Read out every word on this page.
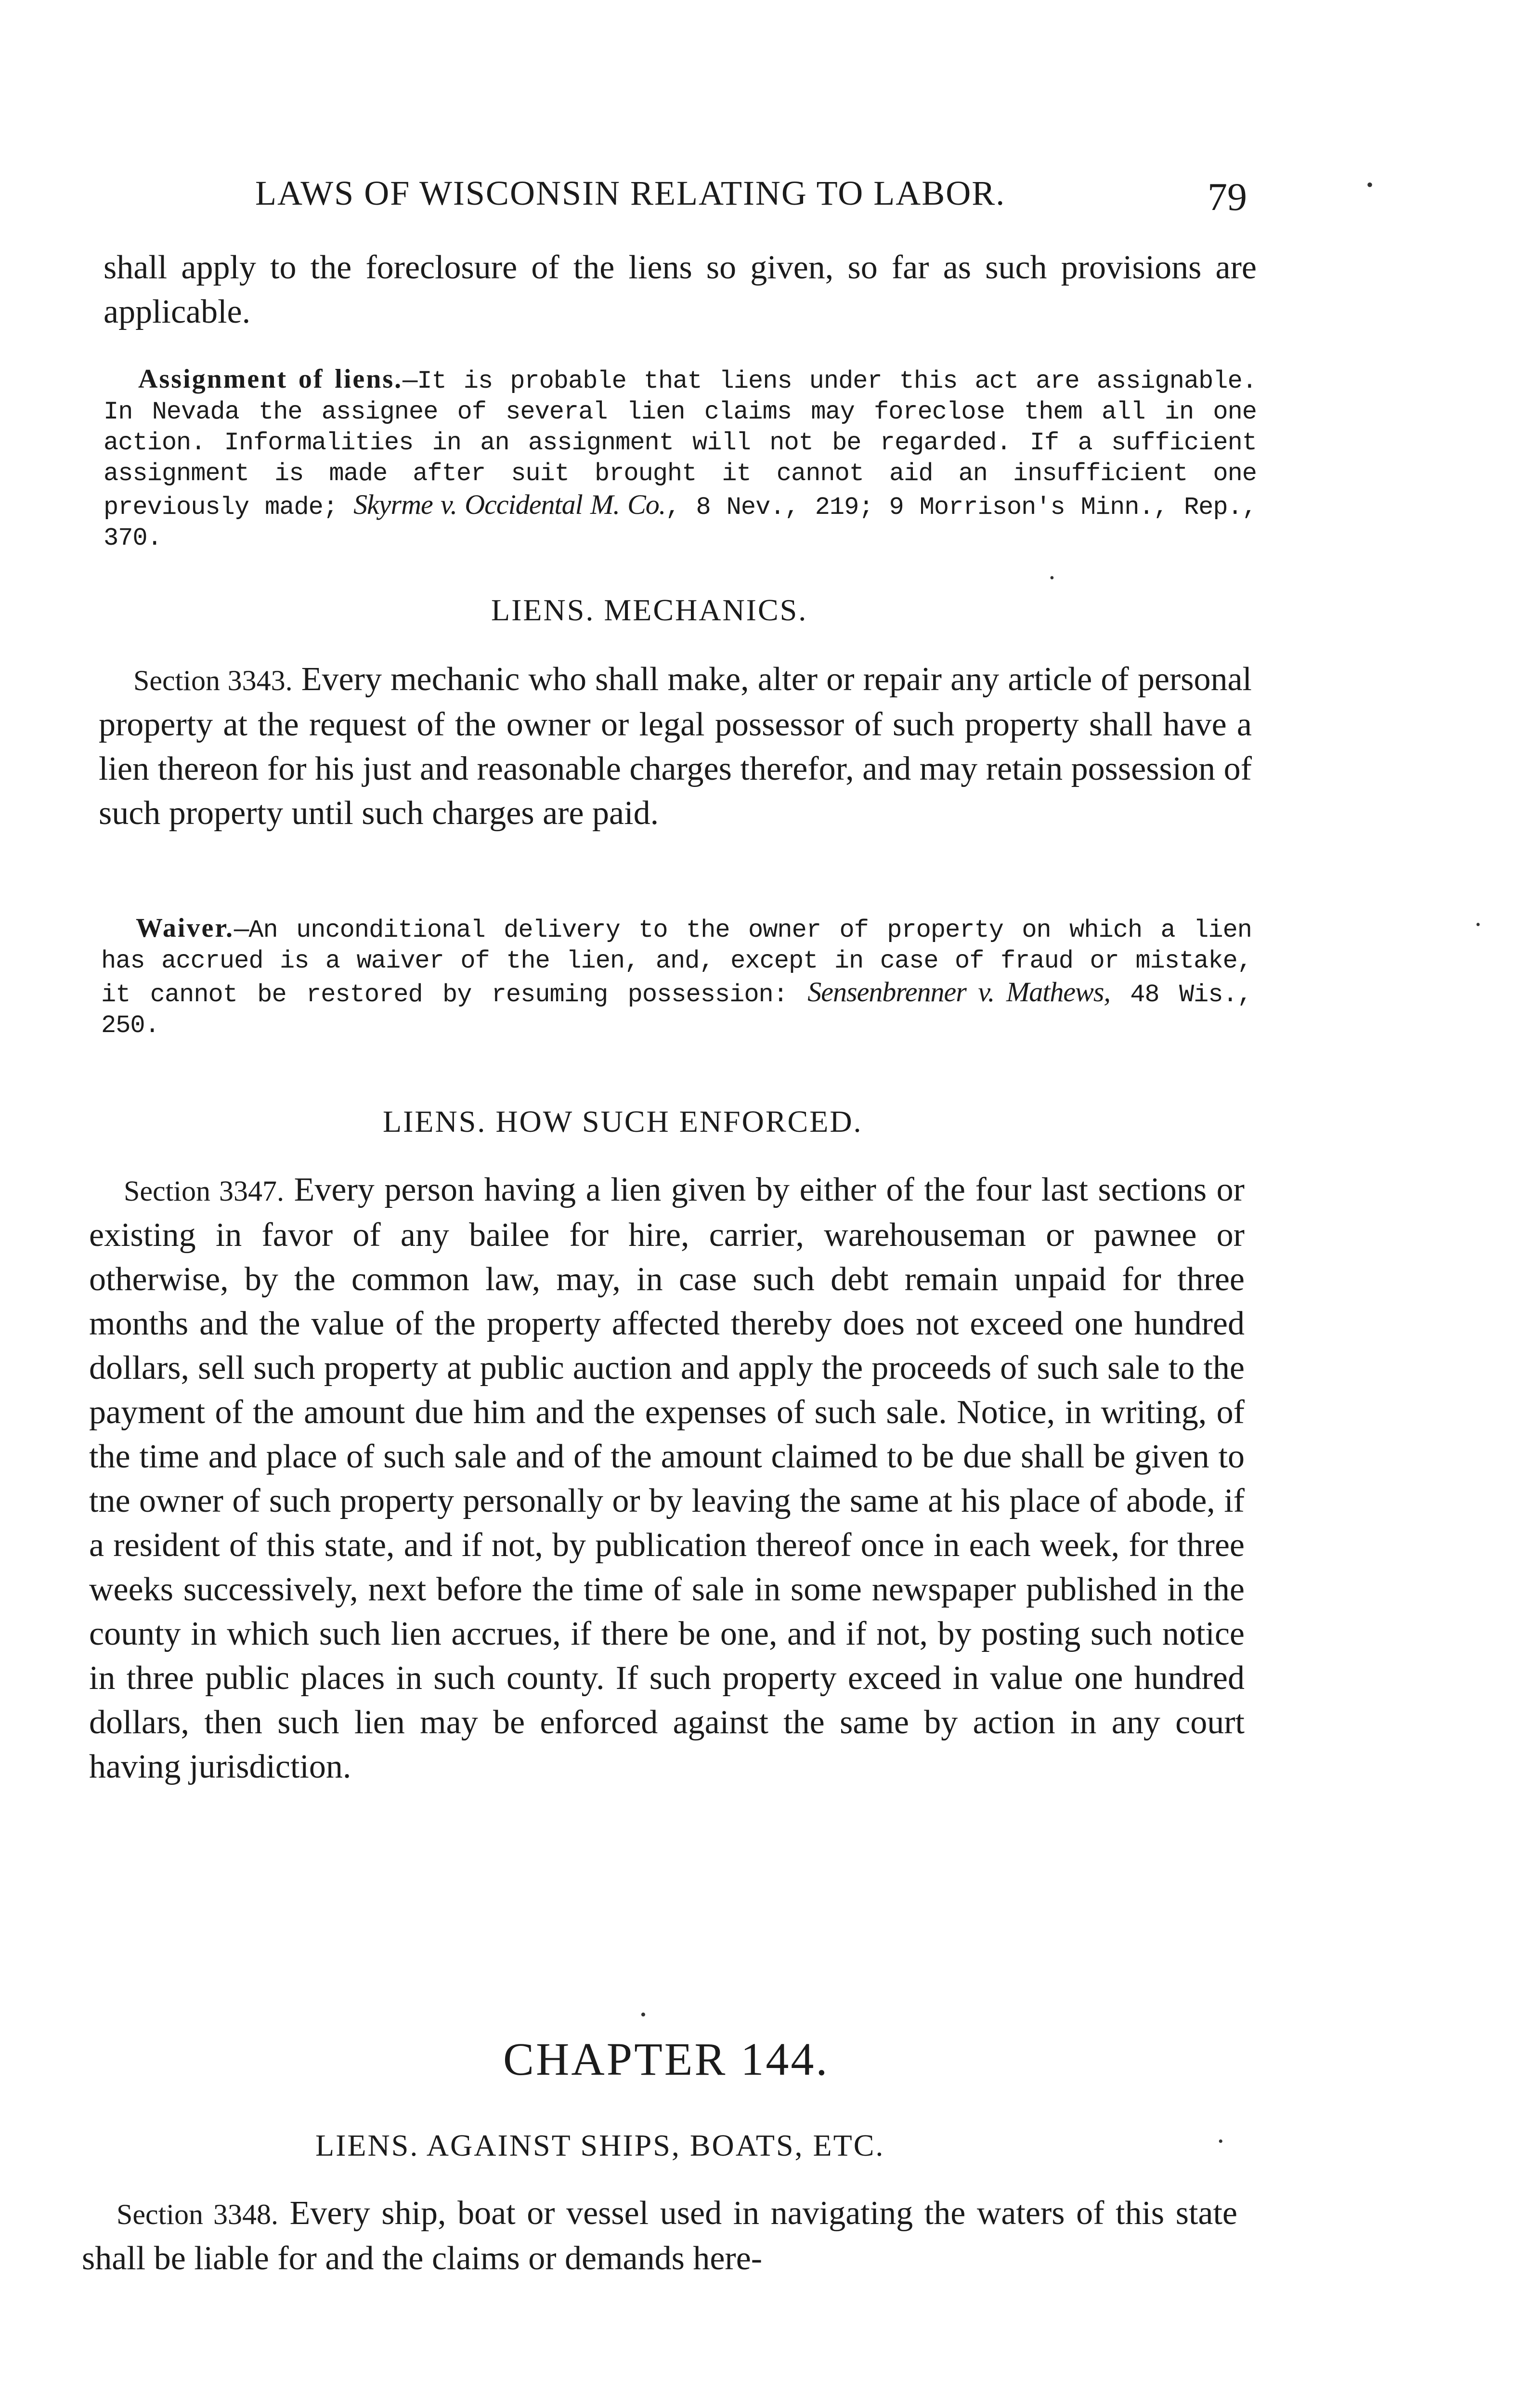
LAWS OF WISCONSIN RELATING TO LABOR.	79	•
shall apply to the foreclosure of the liens so given, so far as such provisions are applicable.
Assignment of liens.—It is probable that liens under this act are assignable. In Nevada the assignee of several lien claims may foreclose them all in one action. Informalities in an assignment will not be regarded. If a sufficient assignment is made after suit brought it cannot aid an insufficient one previously made; Skyrme v. Occidental M. Co., 8 Nev., 219; 9 Morrison's Minn., Rep., 370.
LIENS. MECHANICS.
•
Section 3343. Every mechanic who shall make, alter or repair any article of personal property at the request of the owner or legal possessor of such property shall have a lien thereon for his just and reasonable charges therefor, and may retain possession of such property until such charges are paid.
Waiver.—An unconditional delivery to the owner of property on which a lien has accrued is a waiver of the lien, and, except in case of fraud or mistake, it cannot be restored by resuming possession: Sensenbrenner v. Mathews, 48 Wis., 250.
•
LIENS. HOW SUCH ENFORCED.
Section 3347. Every person having a lien given by either of the four last sections or existing in favor of any bailee for hire, carrier, warehouseman or pawnee or otherwise, by the common law, may, in case such debt remain unpaid for three months and the value of the property affected thereby does not exceed one hundred dollars, sell such property at public auction and apply the proceeds of such sale to the payment of the amount due him and the expenses of such sale. Notice, in writing, of the time and place of such sale and of the amount claimed to be due shall be given to tne owner of such property personally or by leaving the same at his place of abode, if a resident of this state, and if not, by publication thereof once in each week, for three weeks successively, next before the time of sale in some newspaper published in the county in which such lien accrues, if there be one, and if not, by posting such notice in three public places in such county. If such property exceed in value one hundred dollars, then such lien may be enforced against the same by action in any court having jurisdiction.
•
CHAPTER 144.
LIENS. AGAINST SHIPS, BOATS, ETC.	•
Section 3348. Every ship, boat or vessel used in navigating the waters of this state shall be liable for and the claims or demands here-
